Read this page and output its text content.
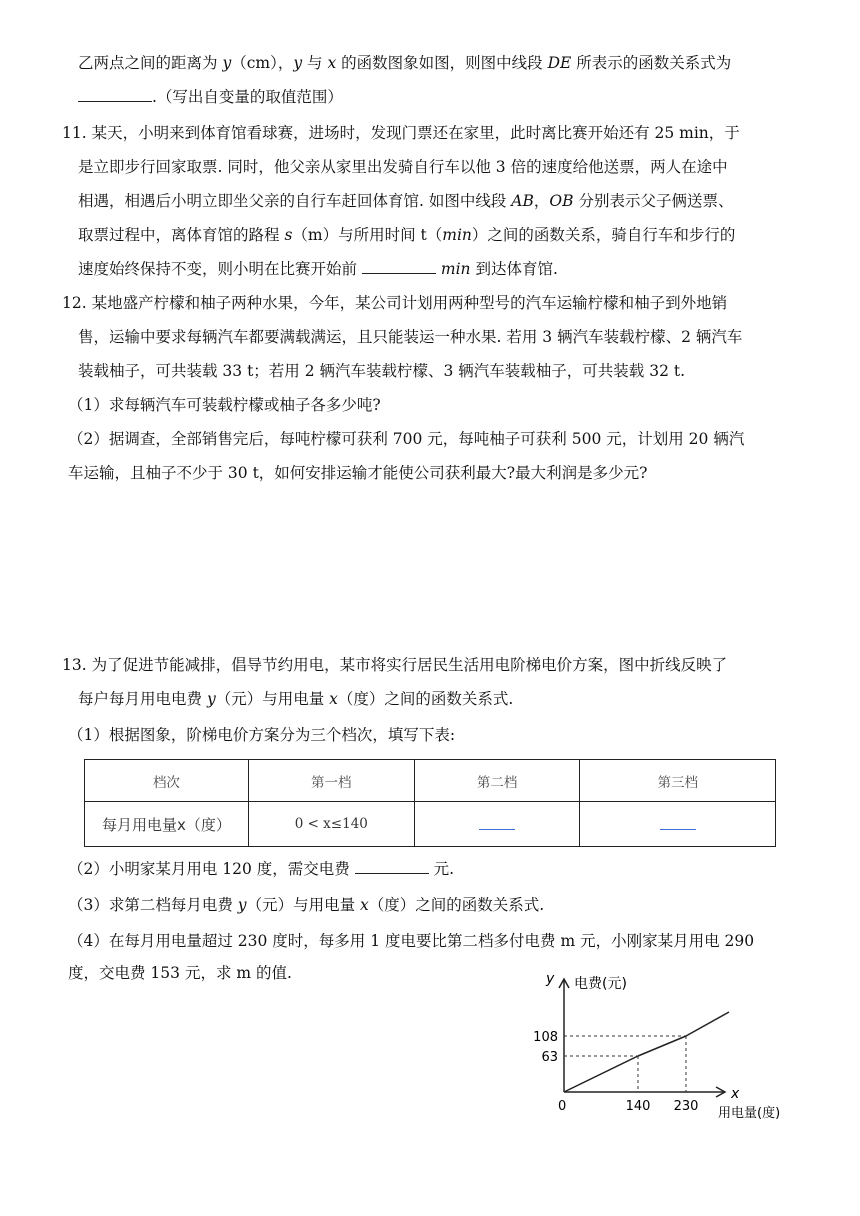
乙两点之间的距离为 y（cm），y 与 x 的函数图象如图，则图中线段 DE 所表示的函数关系式为
.（写出自变量的取值范围）
11. 某天，小明来到体育馆看球赛，进场时，发现门票还在家里，此时离比赛开始还有 25 min，于
是立即步行回家取票. 同时，他父亲从家里出发骑自行车以他 3 倍的速度给他送票，两人在途中
相遇，相遇后小明立即坐父亲的自行车赶回体育馆. 如图中线段 AB，OB 分别表示父子俩送票、
取票过程中，离体育馆的路程 s（m）与所用时间 t（min）之间的函数关系，骑自行车和步行的
速度始终保持不变，则小明在比赛开始前	min 到达体育馆.
12. 某地盛产柠檬和柚子两种水果，今年，某公司计划用两种型号的汽车运输柠檬和柚子到外地销
售，运输中要求每辆汽车都要满载满运，且只能装运一种水果. 若用 3 辆汽车装载柠檬、2 辆汽车
装载柚子，可共装载 33 t；若用 2 辆汽车装载柠檬、3 辆汽车装载柚子，可共装载 32 t.
（1）求每辆汽车可装载柠檬或柚子各多少吨?
（2）据调查，全部销售完后，每吨柠檬可获利 700 元，每吨柚子可获利 500 元，计划用 20 辆汽
车运输，且柚子不少于 30 t，如何安排运输才能使公司获利最大?最大利润是多少元?
13. 为了促进节能减排，倡导节约用电，某市将实行居民生活用电阶梯电价方案，图中折线反映了
每户每月用电电费 y（元）与用电量 x（度）之间的函数关系式.
（1）根据图象，阶梯电价方案分为三个档次，填写下表:
档次	第一档	第二档	第三档
每月用电量x（度）	0 < x≤140		
（2）小明家某月用电 120 度，需交电费	元.
（3）求第二档每月电费 y（元）与用电量 x（度）之间的函数关系式.
（4）在每月用电量超过 230 度时，每多用 1 度电要比第二档多付电费 m 元，小刚家某月用电 290
度，交电费 153 元，求 m 的值.	y 电费(元)
x
用电量(度)
0	140
63
230
108
